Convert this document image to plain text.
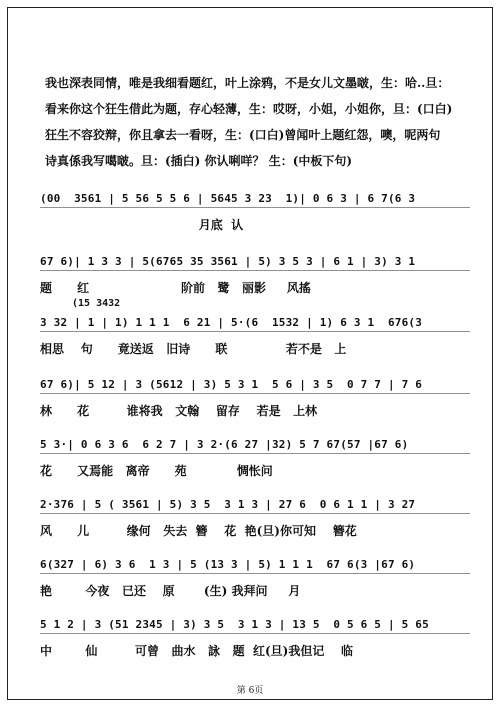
我也深表同情，唯是我细看题红，叶上涂鸦，不是女儿文墨啵，生：哈..旦：
看来你这个狂生借此为题，存心轻薄，生：哎呀，小姐，小姐你，旦：(口白)
狂生不容狡辩，你且拿去一看呀，生：(口白)曾闻叶上题红怨，噢，呢两句
诗真係我写噶啵。旦：(插白) 你认唎咩？ 生：(中板下句)
(15 3432
(00  3561 | 5 56 5 5 6 | 5645 3 23  1)| 0 6 3 | 6 7(6 3
月底  认
67 6)| 1 3 3 | 5(6765 35 3561 | 5) 3 5 3 | 6 1 | 3) 3 1
题      红                      阶前   鹭   丽影     风搖
3 32 | 1 | 1) 1 1 1  6 21 | 5·(6  1532 | 1) 6 3 1  676(3
相思    句      竟送返   旧诗      联              若不是   上
67 6)| 5 12 | 3 (5612 | 3) 5 3 1  5 6 | 3 5  0 7 7 | 7 6
林      花         谁将我   文翰    留存    若是   上林
5 3·| 0 6 3 6  6 2 7 | 3 2·(6 27 |32) 5 7 67(57 |67 6)
花      又焉能   离帝      苑            惆怅问
2·376 | 5 ( 3561 | 5) 3 5  3 1 3 | 27 6  0 6 1 1 | 3 27
风      儿         缘何   失去  簪    花  艳(旦)你可知    簪花
6(327 | 6) 3 6  1 3 | 5 (13 3 | 5) 1 1 1  67 6(3 |67 6)
艳        今夜   已还    原       (生) 我拜问     月
5 1 2 | 3 (51 2345 | 3) 3 5  3 1 3 | 13 5  0 5 6 5 | 5 65
中        仙         可曾   曲水   詠   题  红(旦)我但记    临
第 6页
